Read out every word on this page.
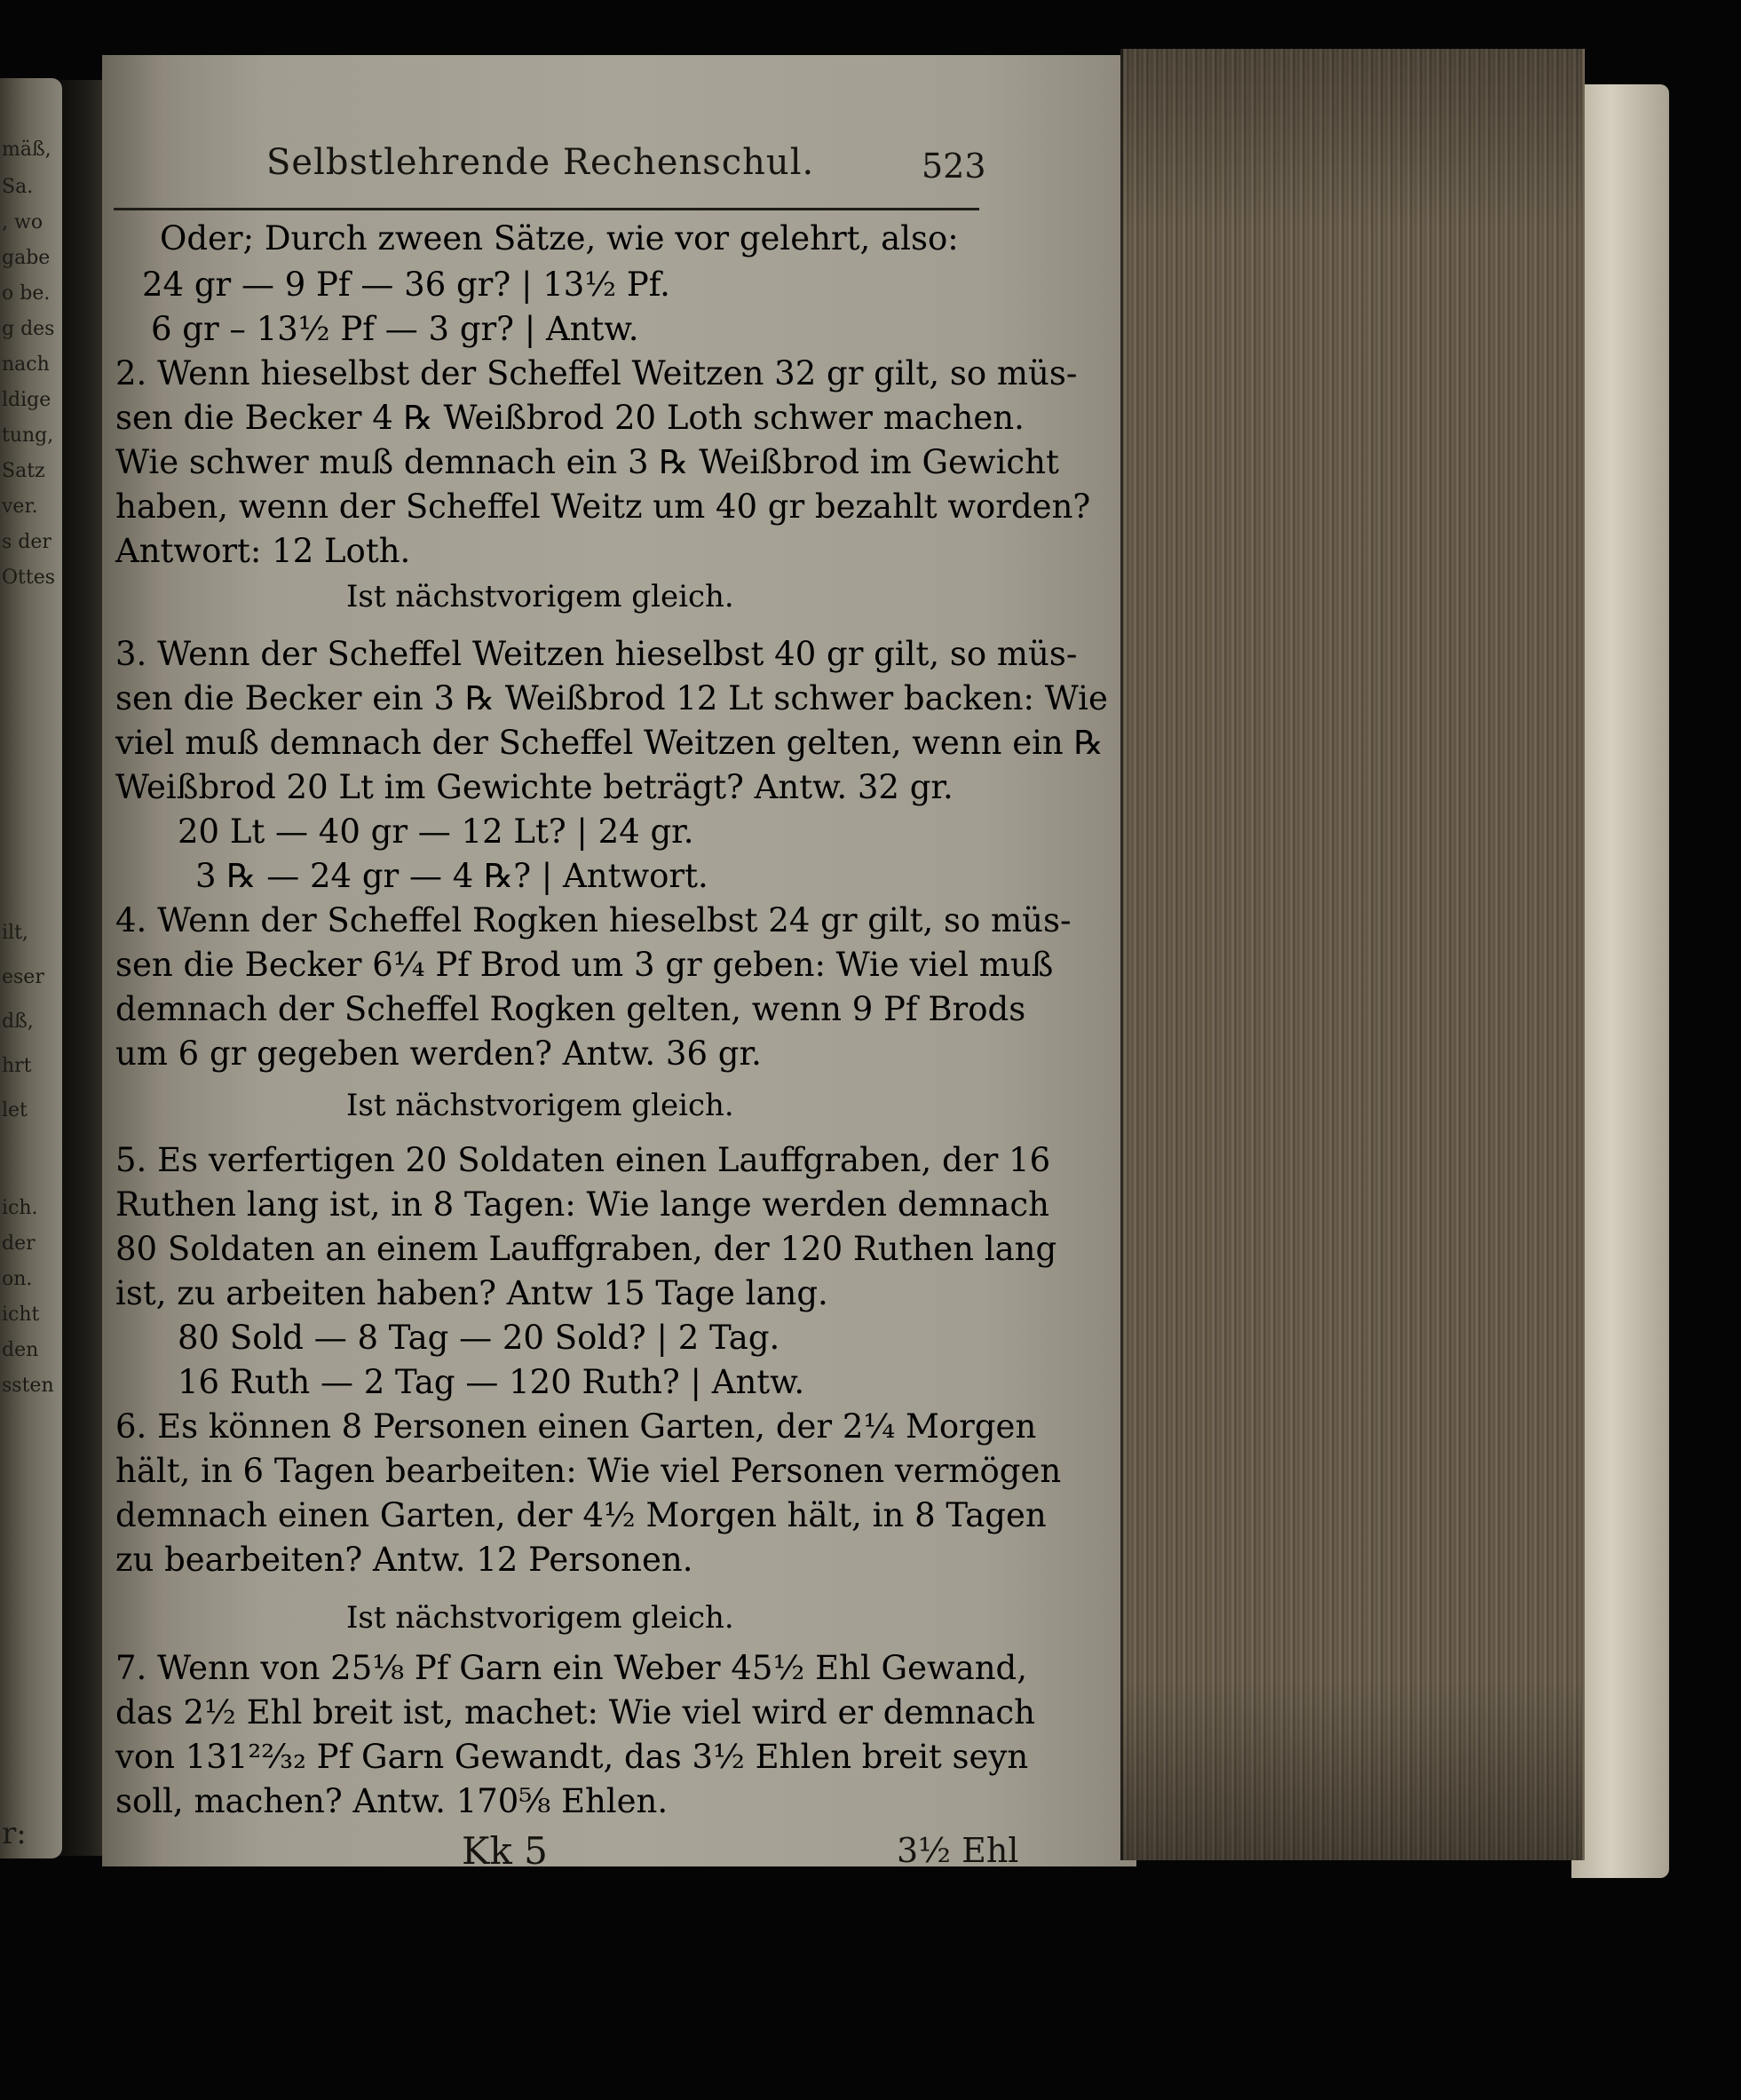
mäß,
Sa.
, wo
gabe
o be.
g des
nach
ldige
tung,
Satz
ver.
s der
Ottes
ilt,
eser
dß,
hrt
let
ich.
der
on.
icht
den
ssten
r:
Selbstlehrende Rechenschul.	523
Oder; Durch zween Sätze, wie vor gelehrt, also:
24 gr — 9 Pf — 36 gr? | 13½ Pf.
6 gr – 13½ Pf — 3 gr? | Antw.
2. Wenn hieselbst der Scheffel Weitzen 32 gr gilt, so müs-
sen die Becker 4 ℞ Weißbrod 20 Loth schwer machen.
Wie schwer muß demnach ein 3 ℞ Weißbrod im Gewicht
haben, wenn der Scheffel Weitz um 40 gr bezahlt worden?
Antwort: 12 Loth.
Ist nächstvorigem gleich.
3. Wenn der Scheffel Weitzen hieselbst 40 gr gilt, so müs-
sen die Becker ein 3 ℞ Weißbrod 12 Lt schwer backen: Wie
viel muß demnach der Scheffel Weitzen gelten, wenn ein ℞
Weißbrod 20 Lt im Gewichte beträgt? Antw. 32 gr.
20 Lt — 40 gr — 12 Lt? | 24 gr.
3 ℞ — 24 gr — 4 ℞? | Antwort.
4. Wenn der Scheffel Rogken hieselbst 24 gr gilt, so müs-
sen die Becker 6¼ Pf Brod um 3 gr geben: Wie viel muß
demnach der Scheffel Rogken gelten, wenn 9 Pf Brods
um 6 gr gegeben werden? Antw. 36 gr.
Ist nächstvorigem gleich.
5. Es verfertigen 20 Soldaten einen Lauffgraben, der 16
Ruthen lang ist, in 8 Tagen: Wie lange werden demnach
80 Soldaten an einem Lauffgraben, der 120 Ruthen lang
ist, zu arbeiten haben? Antw 15 Tage lang.
80 Sold — 8 Tag — 20 Sold? | 2 Tag.
16 Ruth — 2 Tag — 120 Ruth? | Antw.
6. Es können 8 Personen einen Garten, der 2¼ Morgen
hält, in 6 Tagen bearbeiten: Wie viel Personen vermögen
demnach einen Garten, der 4½ Morgen hält, in 8 Tagen
zu bearbeiten? Antw. 12 Personen.
Ist nächstvorigem gleich.
7. Wenn von 25⅛ Pf Garn ein Weber 45½ Ehl Gewand,
das 2½ Ehl breit ist, machet: Wie viel wird er demnach
von 131²²⁄₃₂ Pf Garn Gewandt, das 3½ Ehlen breit seyn
soll, machen? Antw. 170⅝ Ehlen.
Kk 5	3½ Ehl
